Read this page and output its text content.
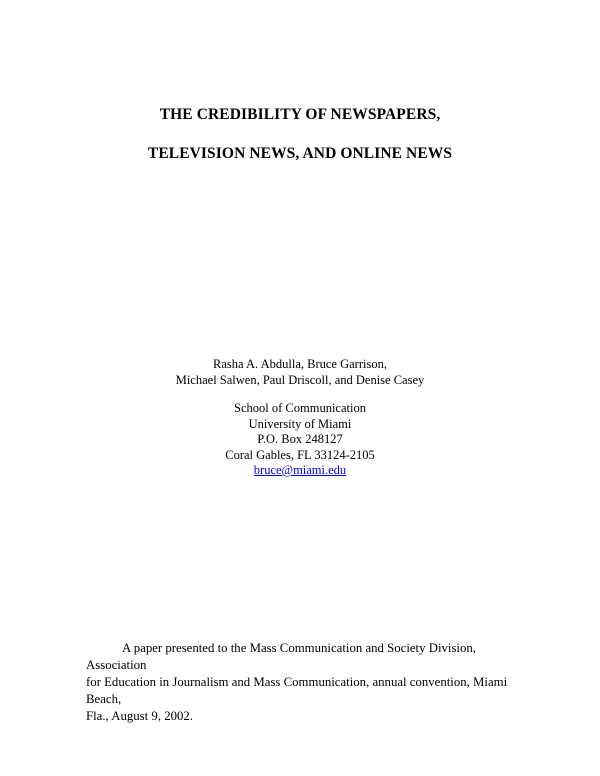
THE CREDIBILITY OF NEWSPAPERS,
TELEVISION NEWS, AND ONLINE NEWS
Rasha A. Abdulla, Bruce Garrison,
Michael Salwen, Paul Driscoll, and Denise Casey
School of Communication
University of Miami
P.O. Box 248127
Coral Gables, FL 33124-2105
bruce@miami.edu
A paper presented to the Mass Communication and Society Division, Association
for Education in Journalism and Mass Communication, annual convention, Miami Beach,
Fla., August 9, 2002.
